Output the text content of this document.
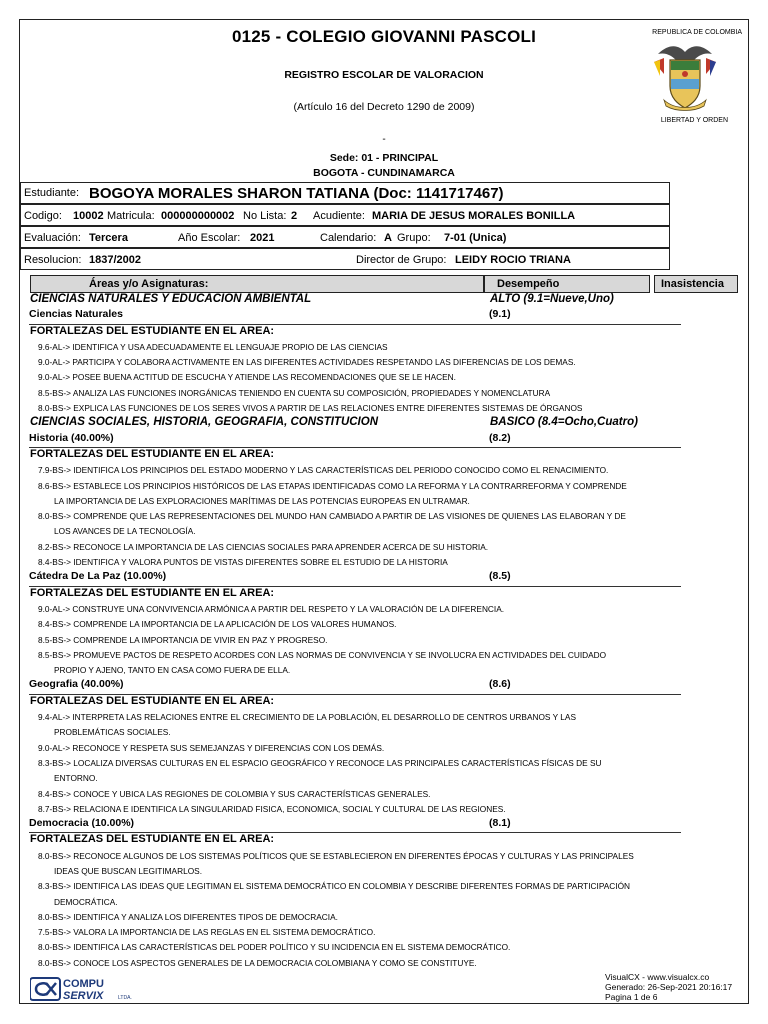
0125 - COLEGIO GIOVANNI PASCOLI
REGISTRO ESCOLAR DE VALORACION
(Artículo 16 del Decreto 1290 de 2009)
-
Sede: 01 - PRINCIPAL
BOGOTA - CUNDINAMARCA
REPUBLICA DE COLOMBIA
LIBERTAD Y ORDEN
Estudiante: BOGOYA MORALES SHARON TATIANA (Doc: 1141717467)
Codigo: 10002 Matricula: 000000000002 No Lista: 2 Acudiente: MARIA DE JESUS MORALES BONILLA
Evaluación: Tercera	Año Escolar: 2021	Calendario: A Grupo: 7-01 (Unica)
Resolucion: 1837/2002	Director de Grupo: LEIDY ROCIO TRIANA
Áreas y/o Asignaturas:	Desempeño	Inasistencia
CIENCIAS NATURALES Y EDUCACION AMBIENTAL	ALTO (9.1=Nueve,Uno)
Ciencias Naturales	(9.1)
FORTALEZAS DEL ESTUDIANTE EN EL AREA:
9.6-AL-> IDENTIFICA Y USA ADECUADAMENTE EL LENGUAJE PROPIO DE LAS CIENCIAS
9.0-AL-> PARTICIPA Y COLABORA ACTIVAMENTE EN LAS DIFERENTES ACTIVIDADES RESPETANDO LAS DIFERENCIAS DE LOS DEMAS.
9.0-AL-> POSEE BUENA ACTITUD DE ESCUCHA Y ATIENDE LAS RECOMENDACIONES QUE SE LE HACEN.
8.5-BS-> ANALIZA LAS FUNCIONES INORGÁNICAS TENIENDO EN CUENTA SU COMPOSICIÓN, PROPIEDADES Y NOMENCLATURA
8.0-BS-> EXPLICA LAS FUNCIONES DE LOS SERES VIVOS A PARTIR DE LAS RELACIONES ENTRE DIFERENTES SISTEMAS DE ÓRGANOS
CIENCIAS SOCIALES, HISTORIA, GEOGRAFIA, CONSTITUCION	BASICO (8.4=Ocho,Cuatro)
Historia (40.00%)	(8.2)
FORTALEZAS DEL ESTUDIANTE EN EL AREA:
7.9-BS-> IDENTIFICA LOS PRINCIPIOS DEL ESTADO MODERNO Y LAS CARACTERÍSTICAS DEL PERIODO CONOCIDO COMO EL RENACIMIENTO.
8.6-BS-> ESTABLECE LOS PRINCIPIOS HISTÓRICOS DE LAS ETAPAS IDENTIFICADAS COMO LA REFORMA Y LA CONTRARREFORMA Y COMPRENDE
LA IMPORTANCIA DE LAS EXPLORACIONES MARÍTIMAS DE LAS POTENCIAS EUROPEAS EN ULTRAMAR.
8.0-BS-> COMPRENDE QUE LAS REPRESENTACIONES DEL MUNDO HAN CAMBIADO A PARTIR DE LAS VISIONES DE QUIENES LAS ELABORAN Y DE
LOS AVANCES DE LA TECNOLOGÍA.
8.2-BS-> RECONOCE LA IMPORTANCIA DE LAS CIENCIAS SOCIALES PARA APRENDER ACERCA DE SU HISTORIA.
8.4-BS-> IDENTIFICA Y VALORA PUNTOS DE VISTAS DIFERENTES SOBRE EL ESTUDIO DE LA HISTORIA
Cátedra De La Paz (10.00%)	(8.5)
FORTALEZAS DEL ESTUDIANTE EN EL AREA:
9.0-AL-> CONSTRUYE UNA CONVIVENCIA ARMÓNICA A PARTIR DEL RESPETO Y LA VALORACIÓN DE LA DIFERENCIA.
8.4-BS-> COMPRENDE LA IMPORTANCIA DE LA APLICACIÓN DE LOS VALORES HUMANOS.
8.5-BS-> COMPRENDE LA IMPORTANCIA DE VIVIR EN PAZ Y PROGRESO.
8.5-BS-> PROMUEVE PACTOS DE RESPETO ACORDES CON LAS NORMAS DE CONVIVENCIA Y SE INVOLUCRA EN ACTIVIDADES DEL CUIDADO
PROPIO Y AJENO, TANTO EN CASA COMO FUERA DE ELLA.
Geografia (40.00%)	(8.6)
FORTALEZAS DEL ESTUDIANTE EN EL AREA:
9.4-AL-> INTERPRETA LAS RELACIONES ENTRE EL CRECIMIENTO DE LA POBLACIÓN, EL DESARROLLO DE CENTROS URBANOS Y LAS
PROBLEMÁTICAS SOCIALES.
9.0-AL-> RECONOCE Y RESPETA SUS SEMEJANZAS Y DIFERENCIAS CON LOS DEMÁS.
8.3-BS-> LOCALIZA DIVERSAS CULTURAS EN EL ESPACIO GEOGRÁFICO Y RECONOCE LAS PRINCIPALES CARACTERÍSTICAS FÍSICAS DE SU
ENTORNO.
8.4-BS-> CONOCE Y UBICA LAS REGIONES DE COLOMBIA Y SUS CARACTERÍSTICAS GENERALES.
8.7-BS-> RELACIONA E IDENTIFICA LA SINGULARIDAD FISICA, ECONOMICA, SOCIAL Y CULTURAL DE LAS REGIONES.
Democracia (10.00%)	(8.1)
FORTALEZAS DEL ESTUDIANTE EN EL AREA:
8.0-BS-> RECONOCE ALGUNOS DE LOS SISTEMAS POLÍTICOS QUE SE ESTABLECIERON EN DIFERENTES ÉPOCAS Y CULTURAS Y LAS PRINCIPALES
IDEAS QUE BUSCAN LEGITIMARLOS.
8.3-BS-> IDENTIFICA LAS IDEAS QUE LEGITIMAN EL SISTEMA DEMOCRÁTICO EN COLOMBIA Y DESCRIBE DIFERENTES FORMAS DE PARTICIPACIÓN
DEMOCRÁTICA.
8.0-BS-> IDENTIFICA Y ANALIZA LOS DIFERENTES TIPOS DE DEMOCRACIA.
7.5-BS-> VALORA LA IMPORTANCIA DE LAS REGLAS EN EL SISTEMA DEMOCRÁTICO.
8.0-BS-> IDENTIFICA LAS CARACTERÍSTICAS DEL PODER POLÍTICO Y SU INCIDENCIA EN EL SISTEMA DEMOCRÁTICO.
8.0-BS-> CONOCE LOS ASPECTOS GENERALES DE LA DEMOCRACIA COLOMBIANA Y COMO SE CONSTITUYE.
COMPU
SERVIX	LTDA.
VisualCX - www.visualcx.co
Generado: 26-Sep-2021 20:16:17
Pagina 1 de 6
